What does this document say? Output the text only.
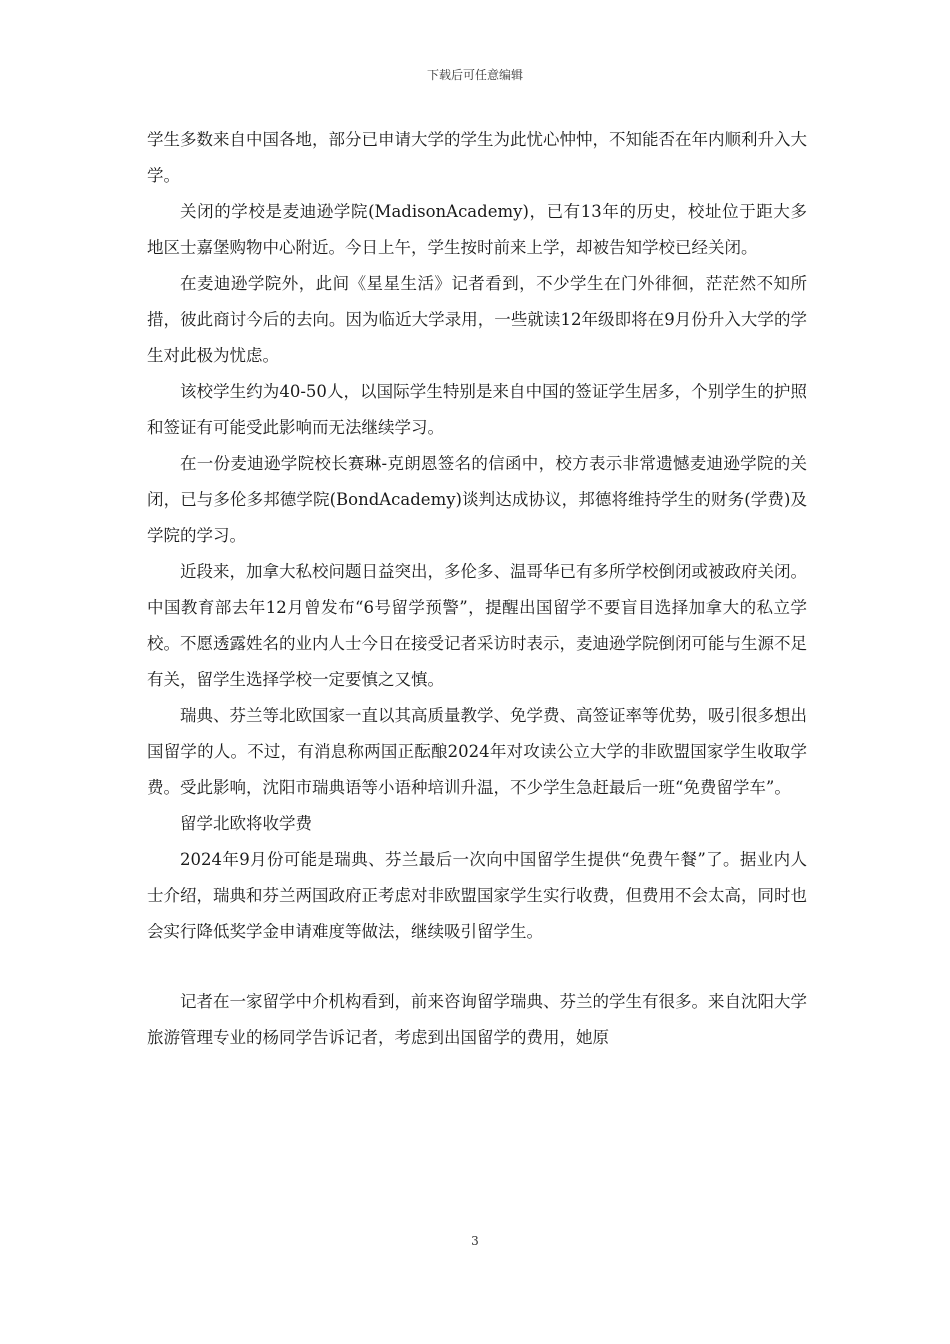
下载后可任意编辑

学生多数来自中国各地，部分已申请大学的学生为此忧心忡忡，不知能否在年内顺利升入大学。

关闭的学校是麦迪逊学院(MadisonAcademy)，已有13年的历史，校址位于距大多地区士嘉堡购物中心附近。今日上午，学生按时前来上学，却被告知学校已经关闭。

在麦迪逊学院外，此间《星星生活》记者看到，不少学生在门外徘徊，茫茫然不知所措，彼此商讨今后的去向。因为临近大学录用，一些就读12年级即将在9月份升入大学的学生对此极为忧虑。

该校学生约为40-50人，以国际学生特别是来自中国的签证学生居多，个别学生的护照和签证有可能受此影响而无法继续学习。

在一份麦迪逊学院校长赛琳-克朗恩签名的信函中，校方表示非常遗憾麦迪逊学院的关闭，已与多伦多邦德学院(BondAcademy)谈判达成协议，邦德将维持学生的财务(学费)及学院的学习。

近段来，加拿大私校问题日益突出，多伦多、温哥华已有多所学校倒闭或被政府关闭。中国教育部去年12月曾发布“6号留学预警”，提醒出国留学不要盲目选择加拿大的私立学校。不愿透露姓名的业内人士今日在接受记者采访时表示，麦迪逊学院倒闭可能与生源不足有关，留学生选择学校一定要慎之又慎。

瑞典、芬兰等北欧国家一直以其高质量教学、免学费、高签证率等优势，吸引很多想出国留学的人。不过，有消息称两国正酝酿2024年对攻读公立大学的非欧盟国家学生收取学费。受此影响，沈阳市瑞典语等小语种培训升温，不少学生急赶最后一班“免费留学车”。

留学北欧将收学费

2024年9月份可能是瑞典、芬兰最后一次向中国留学生提供“免费午餐”了。据业内人士介绍，瑞典和芬兰两国政府正考虑对非欧盟国家学生实行收费，但费用不会太高，同时也会实行降低奖学金申请难度等做法，继续吸引留学生。

记者在一家留学中介机构看到，前来咨询留学瑞典、芬兰的学生有很多。来自沈阳大学旅游管理专业的杨同学告诉记者，考虑到出国留学的费用，她原

3
